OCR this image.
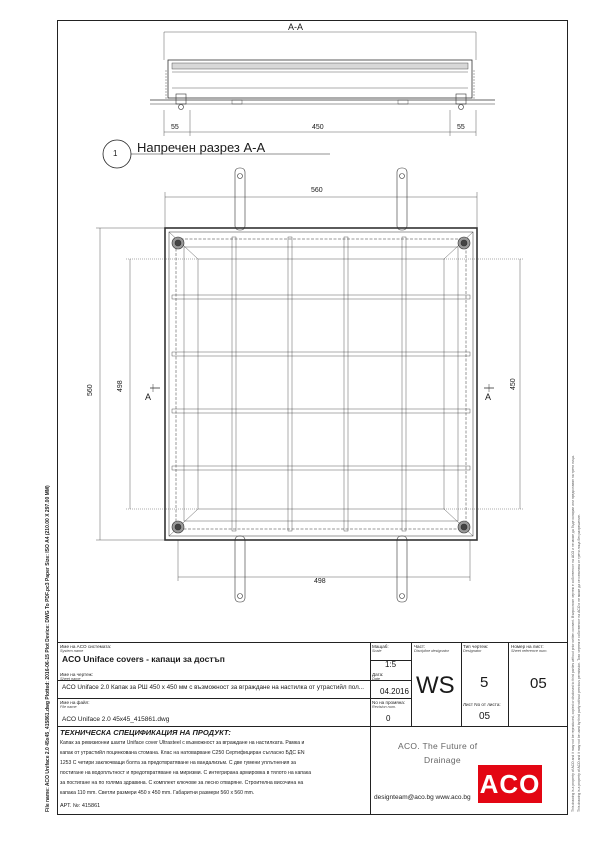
File name: ACO Uniface 2.0 45x45_415861.dwg Plotted: 2016-06-15 Plot Device: DWG To PDF.pc3 Paper Size: ISO A4 (210.00 X 297.00 MM)	This drawing is a property of ACO and it may not be reproduced, copied or disclosed to third parties without prior written consent. Въпросният чертеж е собственост на ACO и не може да бъде копиран или предоставян на трети лица. This drawing is a property of ACO and it may not be used by third party without previous permission. Този чертеж е собственост на ACO и не може да се използва от трети лица без разрешение.
A-A
55	450	55
1 Напречен разрез A-A
560
498
560	498	450
A	A
Име на ACO системата:
System name
ACO Uniface covers - капаци за достъп
Име на чертеж:
Sheet name
ACO Uniface 2.0 Капак за РШ 450 x 450 мм с възможност за вграждане на настилка от утрастийл пол...
Име на файл:
File name
ACO Uniface 2.0 45x45_415861.dwg
Мащаб:
Scale
1:5
Дата:
Date
04.2016
No на промяна:
Revision num.
0
Част:
Discipline designator
WS
Тип чертеж:
Designator
5
Лист No от листа:
05
Номер на лист:
Sheet reference num.
05
ТЕХНИЧЕСКА СПЕЦИФИКАЦИЯ НА ПРОДУКТ:
Капак за ревизионни шахти Uniface cover Ultrasteel с възможност за вграждане на настилката. Рамка и
капак от утрастийл поцинкована стомана. Клас на натоварване C250 Сертифициран съгласно БДС EN
1253 С четири заключващи болта за предотвратяване на вандализъм. С две гумени уплътнения за
постигане на водоплътност и предотвратяване на миризми. С интегрирана армировка в тялото на капака
за постигане на по голяма здравина. С комплект ключове за лесно отваряне. Строителна височина на
капака 110 mm. Светли размери 450 x 450 mm. Габаритни размери 560 x 560 mm.
АРТ. №: 415861
ACO. The Future of
Drainage
designteam@aco.bg www.aco.bg ACO
